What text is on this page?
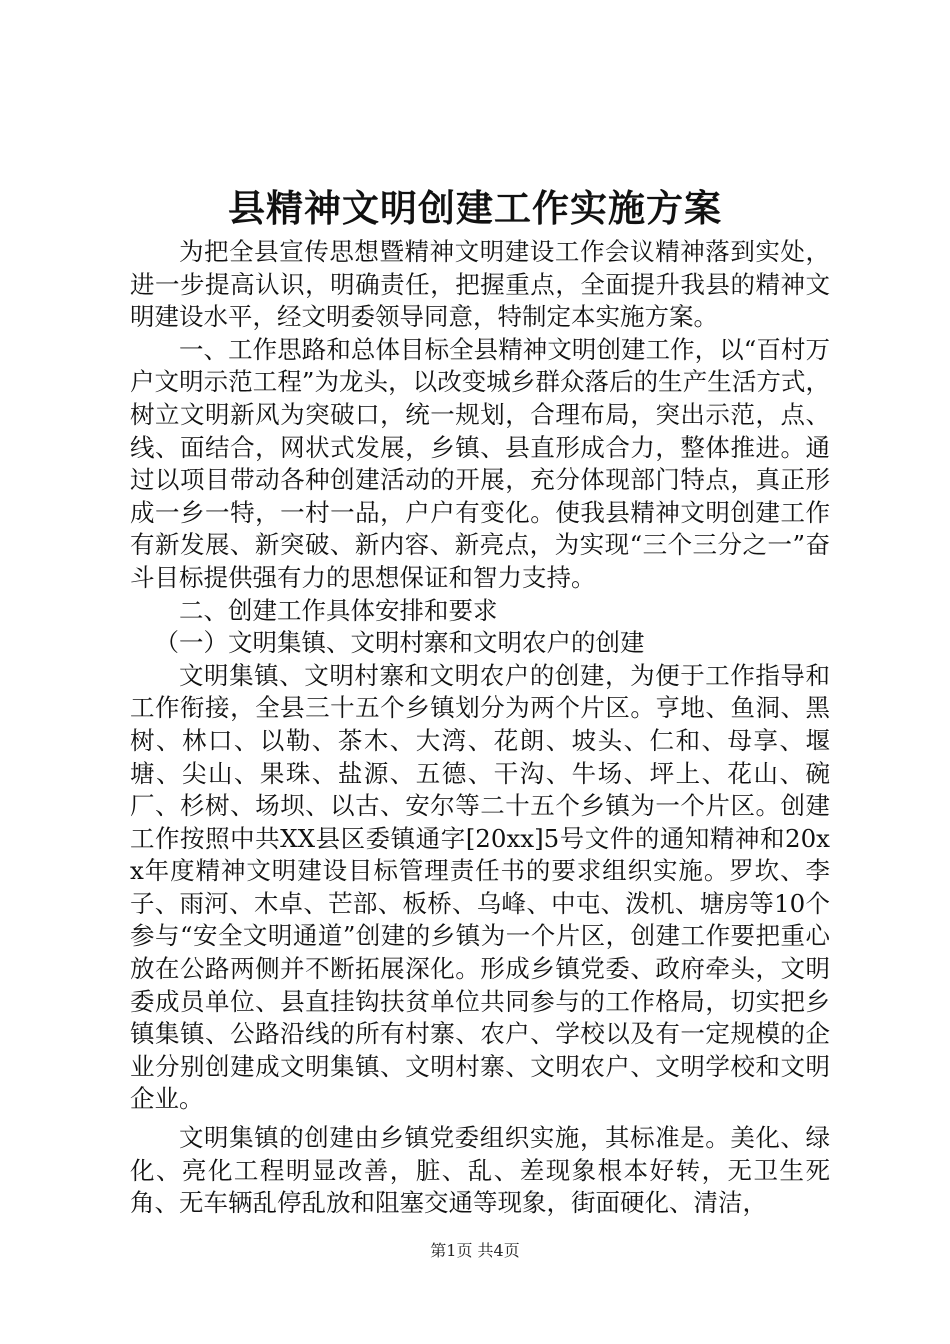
县精神文明创建工作实施方案

为把全县宣传思想暨精神文明建设工作会议精神落到实处，进一步提高认识，明确责任，把握重点，全面提升我县的精神文明建设水平，经文明委领导同意，特制定本实施方案。

一、工作思路和总体目标全县精神文明创建工作，以“百村万户文明示范工程”为龙头，以改变城乡群众落后的生产生活方式，树立文明新风为突破口，统一规划，合理布局，突出示范，点、线、面结合，网状式发展，乡镇、县直形成合力，整体推进。通过以项目带动各种创建活动的开展，充分体现部门特点，真正形成一乡一特，一村一品，户户有变化。使我县精神文明创建工作有新发展、新突破、新内容、新亮点，为实现“三个三分之一”奋斗目标提供强有力的思想保证和智力支持。

二、创建工作具体安排和要求

（一）文明集镇、文明村寨和文明农户的创建

文明集镇、文明村寨和文明农户的创建，为便于工作指导和工作衔接，全县三十五个乡镇划分为两个片区。亨地、鱼洞、黑树、林口、以勒、茶木、大湾、花朗、坡头、仁和、母享、堰塘、尖山、果珠、盐源、五德、干沟、牛场、坪上、花山、碗厂、杉树、场坝、以古、安尔等二十五个乡镇为一个片区。创建工作按照中共XX县区委镇通字[20xx]5号文件的通知精神和20xx年度精神文明建设目标管理责任书的要求组织实施。罗坎、李子、雨河、木卓、芒部、板桥、乌峰、中屯、泼机、塘房等10个参与“安全文明通道”创建的乡镇为一个片区，创建工作要把重心放在公路两侧并不断拓展深化。形成乡镇党委、政府牵头，文明委成员单位、县直挂钩扶贫单位共同参与的工作格局，切实把乡镇集镇、公路沿线的所有村寨、农户、学校以及有一定规模的企业分别创建成文明集镇、文明村寨、文明农户、文明学校和文明企业。

文明集镇的创建由乡镇党委组织实施，其标准是。美化、绿化、亮化工程明显改善，脏、乱、差现象根本好转，无卫生死角、无车辆乱停乱放和阻塞交通等现象，街面硬化、清洁，

第1页 共4页
